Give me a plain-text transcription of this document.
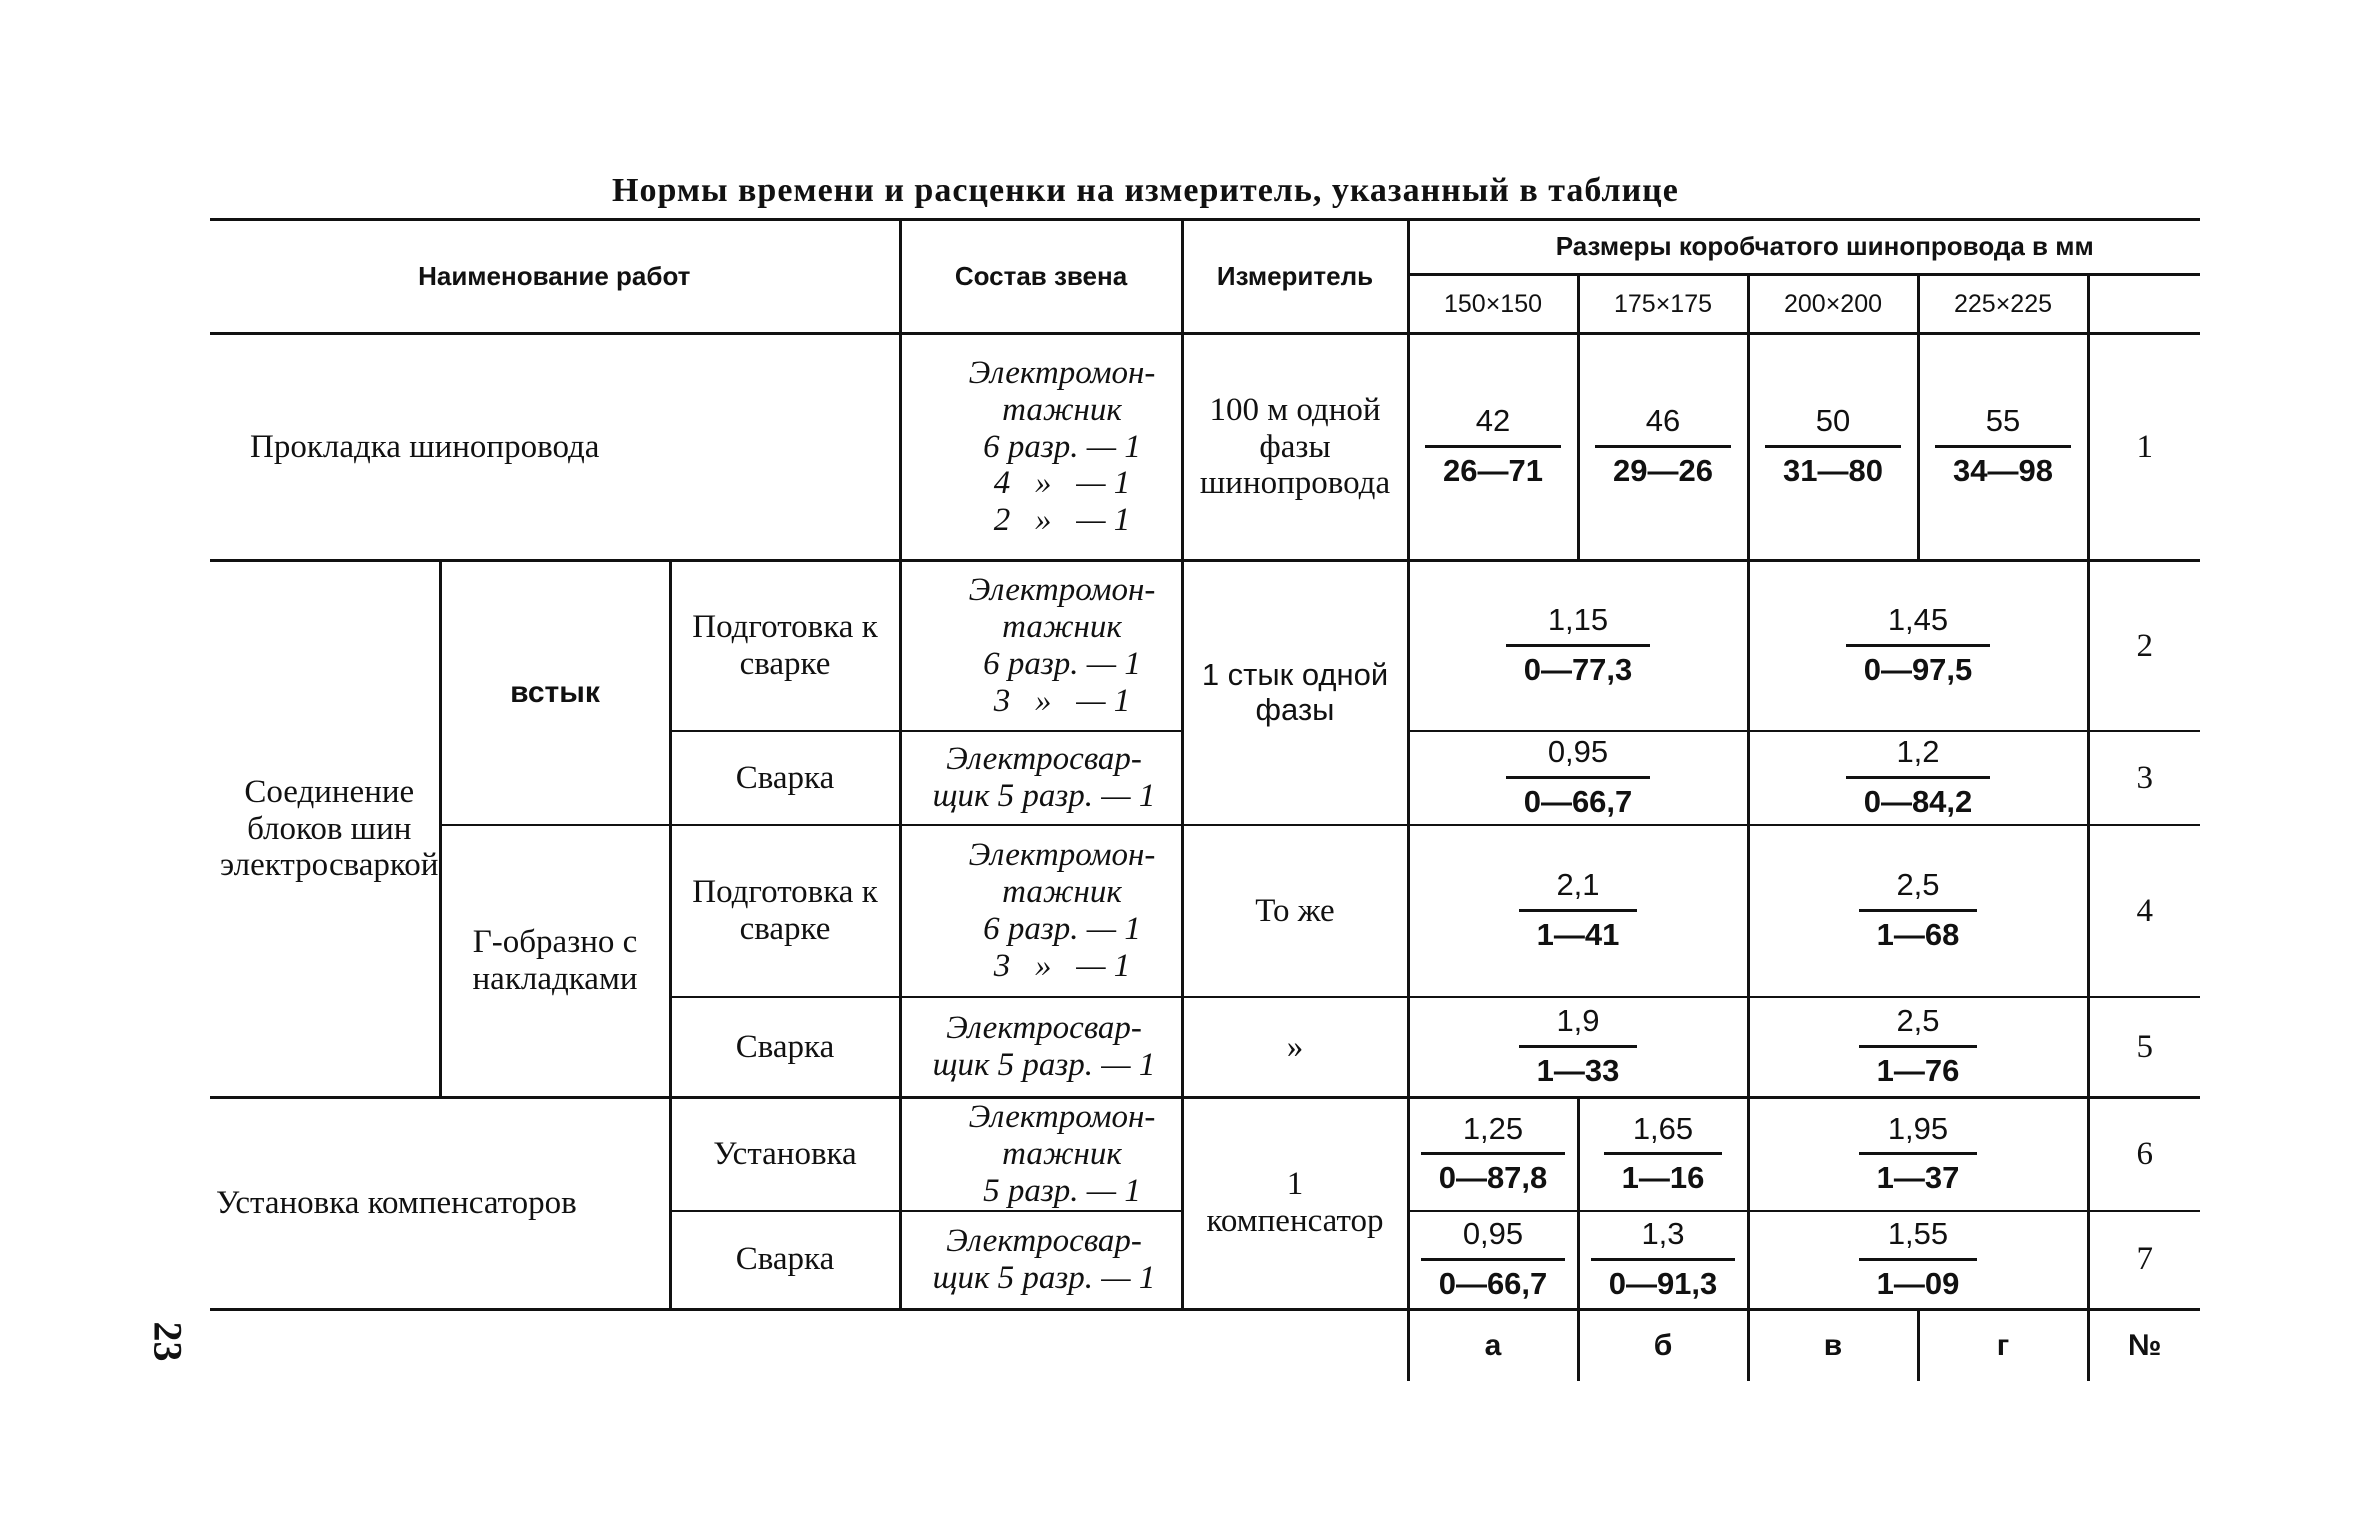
Нормы времени и расценки на измеритель, указанный в таблице
23
Наименование работ			Состав звена	Измеритель	Размеры коробчатого шинопровода в мм				
					150×150	175×175	200×200	225×225	
Прокладка шинопровода			Электромон-
тажник
6 разр. — 1
4   »   — 1
2   »   — 1	100 м одной фазы шинопровода	$\frac{42}{26—71}$	$\frac{46}{29—26}$	$\frac{50}{31—80}$	$\frac{55}{34—98}$	1
Соединение блоков шин электросваркой	встык	Подготовка к сварке	Электромон-
тажник
6 разр. — 1
3   »   — 1	1 стык одной фазы	$\frac{1,15}{0—77,3}$		$\frac{1,45}{0—97,5}$		2
		Сварка	Электросвар-
щик 5 разр. — 1		$\frac{0,95}{0—66,7}$		$\frac{1,2}{0—84,2}$		3
	Г-образно с накладками	Подготовка к сварке	Электромон-
тажник
6 разр. — 1
3   »   — 1	То же	$\frac{2,1}{1—41}$		$\frac{2,5}{1—68}$		4
		Сварка	Электросвар-
щик 5 разр. — 1	»	$\frac{1,9}{1—33}$		$\frac{2,5}{1—76}$		5
Установка компенсаторов		Установка	Электромон-
тажник
5 разр. — 1	1 компенсатор	$\frac{1,25}{0—87,8}$	$\frac{1,65}{1—16}$	$\frac{1,95}{1—37}$		6
		Сварка	Электросвар-
щик 5 разр. — 1		$\frac{0,95}{0—66,7}$	$\frac{1,3}{0—91,3}$	$\frac{1,55}{1—09}$		7
					а	б	в	г	№
